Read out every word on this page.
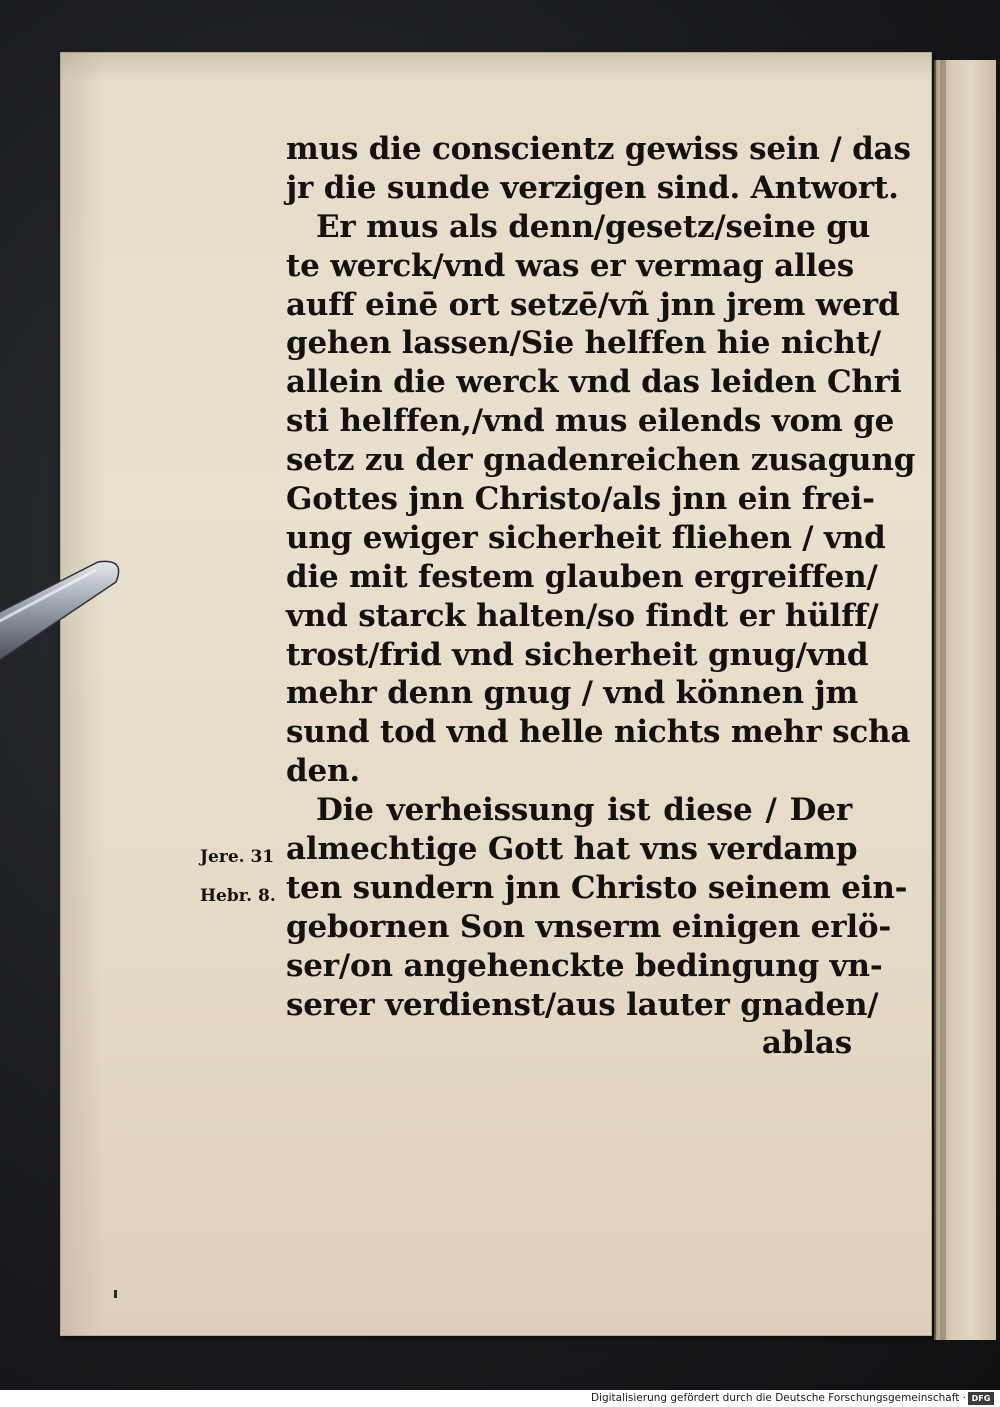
mus die conscientz gewiss sein / das
jr die sunde verzigen sind. Antwort.
Er mus als denn/gesetz/seine gu
te werck/vnd was er vermag alles
auff einē ort setzē/vñ jnn jrem werd
gehen lassen/Sie helffen hie nicht/
allein die werck vnd das leiden Chri
sti helffen,/vnd mus eilends vom ge
setz zu der gnadenreichen zusagung
Gottes jnn Christo/als jnn ein frei-
ung ewiger sicherheit fliehen / vnd
die mit festem glauben ergreiffen/
vnd starck halten/so findt er hülff/
trost/frid vnd sicherheit gnug/vnd
mehr denn gnug / vnd können jm
sund tod vnd helle nichts mehr scha
den.
Die verheissung ist diese / Der
almechtige Gott hat vns verdamp
ten sundern jnn Christo seinem ein-
gebornen Son vnserm einigen erlö-
ser/on angehenckte bedingung vn-
serer verdienst/aus lauter gnaden/
ablas
Jere. 31
Hebr. 8.
Digitalisierung gefördert durch die Deutsche Forschungsgemeinschaft · DFG
